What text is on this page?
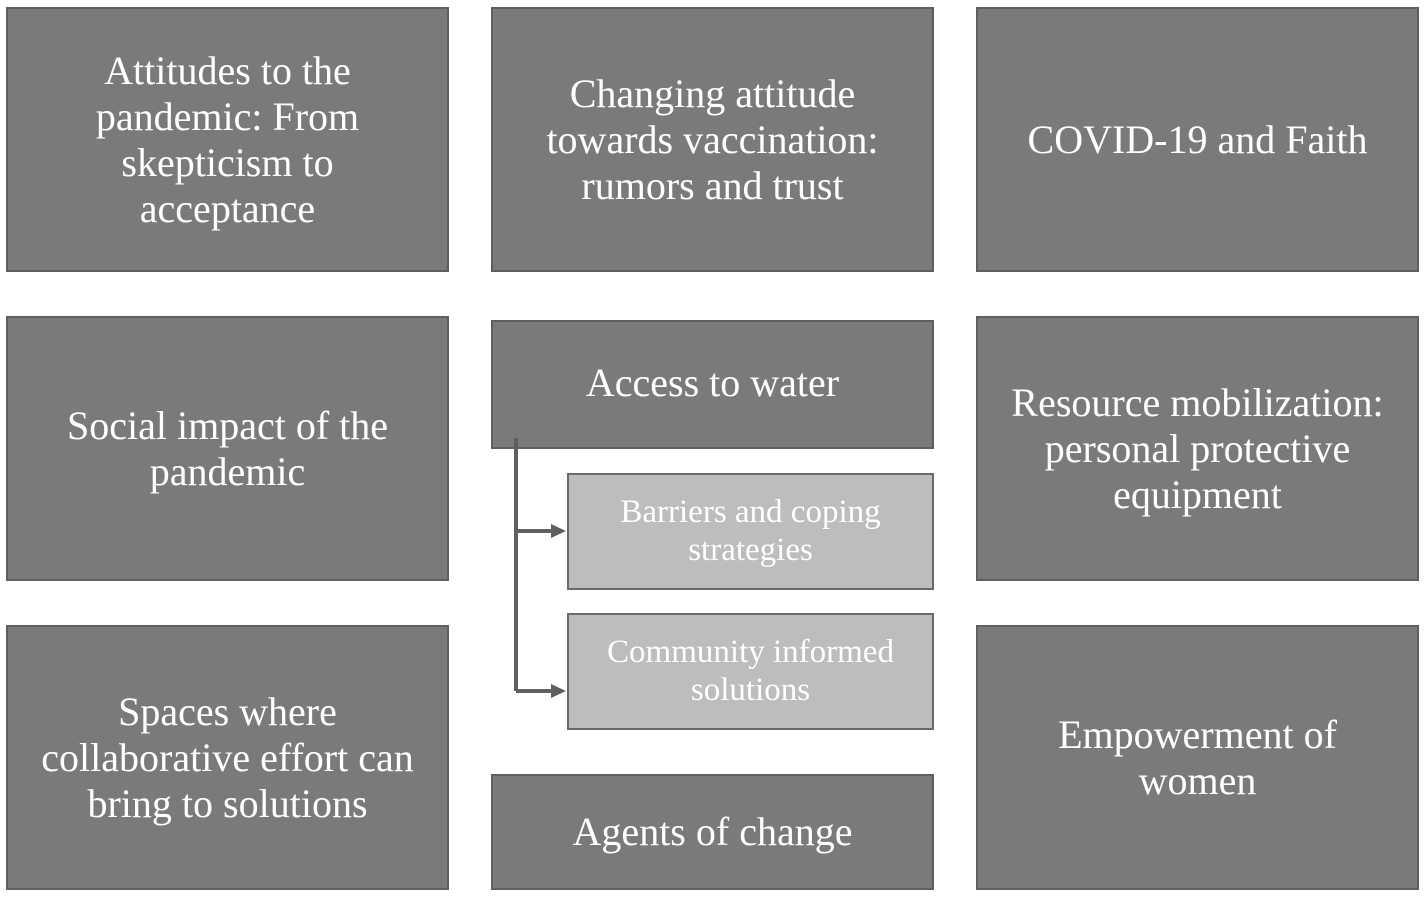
Attitudes to the pandemic: From skepticism to acceptance
Changing attitude towards vaccination: rumors and trust
COVID-19 and Faith
Social impact of the pandemic
Access to water
Barriers and coping strategies
Community informed solutions
Resource mobilization: personal protective equipment
Spaces where collaborative effort can bring to solutions
Agents of change
Empowerment of women
